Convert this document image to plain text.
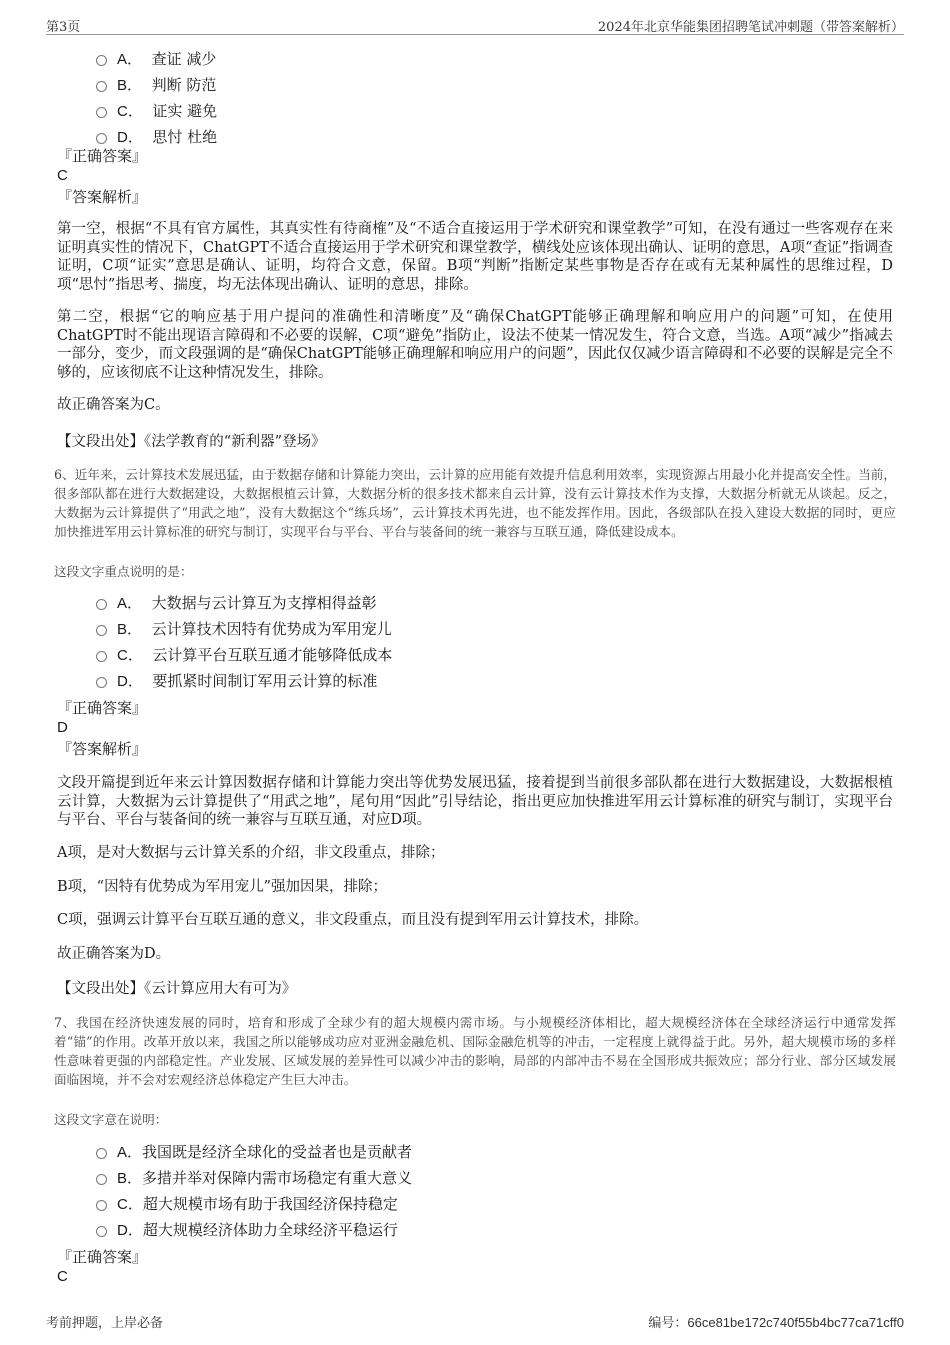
第3页	2024年北京华能集团招聘笔试冲刺题（带答案解析）
A． 查证 减少
B． 判断 防范
C． 证实 避免
D． 思忖 杜绝
『正确答案』
C
『答案解析』
第一空，根据“不具有官方属性，其真实性有待商榷”及“不适合直接运用于学术研究和课堂教学”可知，在没有通过一些客观存在来证明真实性的情况下，ChatGPT不适合直接运用于学术研究和课堂教学，横线处应该体现出确认、证明的意思，A项“查证”指调查证明，C项“证实”意思是确认、证明，均符合文意，保留。B项“判断”指断定某些事物是否存在或有无某种属性的思维过程，D项“思忖”指思考、揣度，均无法体现出确认、证明的意思，排除。
第二空，根据“它的响应基于用户提问的准确性和清晰度”及“确保ChatGPT能够正确理解和响应用户的问题”可知，在使用ChatGPT时不能出现语言障碍和不必要的误解，C项“避免”指防止，设法不使某一情况发生，符合文意，当选。A项“减少”指减去一部分，变少，而文段强调的是“确保ChatGPT能够正确理解和响应用户的问题”，因此仅仅减少语言障碍和不必要的误解是完全不够的，应该彻底不让这种情况发生，排除。
故正确答案为C。
【文段出处】《法学教育的“新利器”登场》
6、近年来，云计算技术发展迅猛，由于数据存储和计算能力突出，云计算的应用能有效提升信息利用效率，实现资源占用最小化并提高安全性。当前，很多部队都在进行大数据建设，大数据根植云计算，大数据分析的很多技术都来自云计算，没有云计算技术作为支撑，大数据分析就无从谈起。反之，大数据为云计算提供了“用武之地”，没有大数据这个“练兵场”，云计算技术再先进，也不能发挥作用。因此，各级部队在投入建设大数据的同时，更应加快推进军用云计算标准的研究与制订，实现平台与平台、平台与装备间的统一兼容与互联互通，降低建设成本。
这段文字重点说明的是：
A． 大数据与云计算互为支撑相得益彰
B． 云计算技术因特有优势成为军用宠儿
C． 云计算平台互联互通才能够降低成本
D． 要抓紧时间制订军用云计算的标准
『正确答案』
D
『答案解析』
文段开篇提到近年来云计算因数据存储和计算能力突出等优势发展迅猛，接着提到当前很多部队都在进行大数据建设，大数据根植云计算，大数据为云计算提供了“用武之地”，尾句用“因此”引导结论，指出更应加快推进军用云计算标准的研究与制订，实现平台与平台、平台与装备间的统一兼容与互联互通，对应D项。
A项，是对大数据与云计算关系的介绍，非文段重点，排除；
B项，“因特有优势成为军用宠儿”强加因果，排除；
C项，强调云计算平台互联互通的意义，非文段重点，而且没有提到军用云计算技术，排除。
故正确答案为D。
【文段出处】《云计算应用大有可为》
7、我国在经济快速发展的同时，培育和形成了全球少有的超大规模内需市场。与小规模经济体相比，超大规模经济体在全球经济运行中通常发挥着“锚”的作用。改革开放以来，我国之所以能够成功应对亚洲金融危机、国际金融危机等的冲击，一定程度上就得益于此。另外，超大规模市场的多样性意味着更强的内部稳定性。产业发展、区域发展的差异性可以减少冲击的影响，局部的内部冲击不易在全国形成共振效应；部分行业、部分区域发展面临困境，并不会对宏观经济总体稳定产生巨大冲击。
这段文字意在说明：
A．我国既是经济全球化的受益者也是贡献者
B．多措并举对保障内需市场稳定有重大意义
C．超大规模市场有助于我国经济保持稳定
D．超大规模经济体助力全球经济平稳运行
『正确答案』
C
考前押题，上岸必备	编号：66ce81be172c740f55b4bc77ca71cff0
